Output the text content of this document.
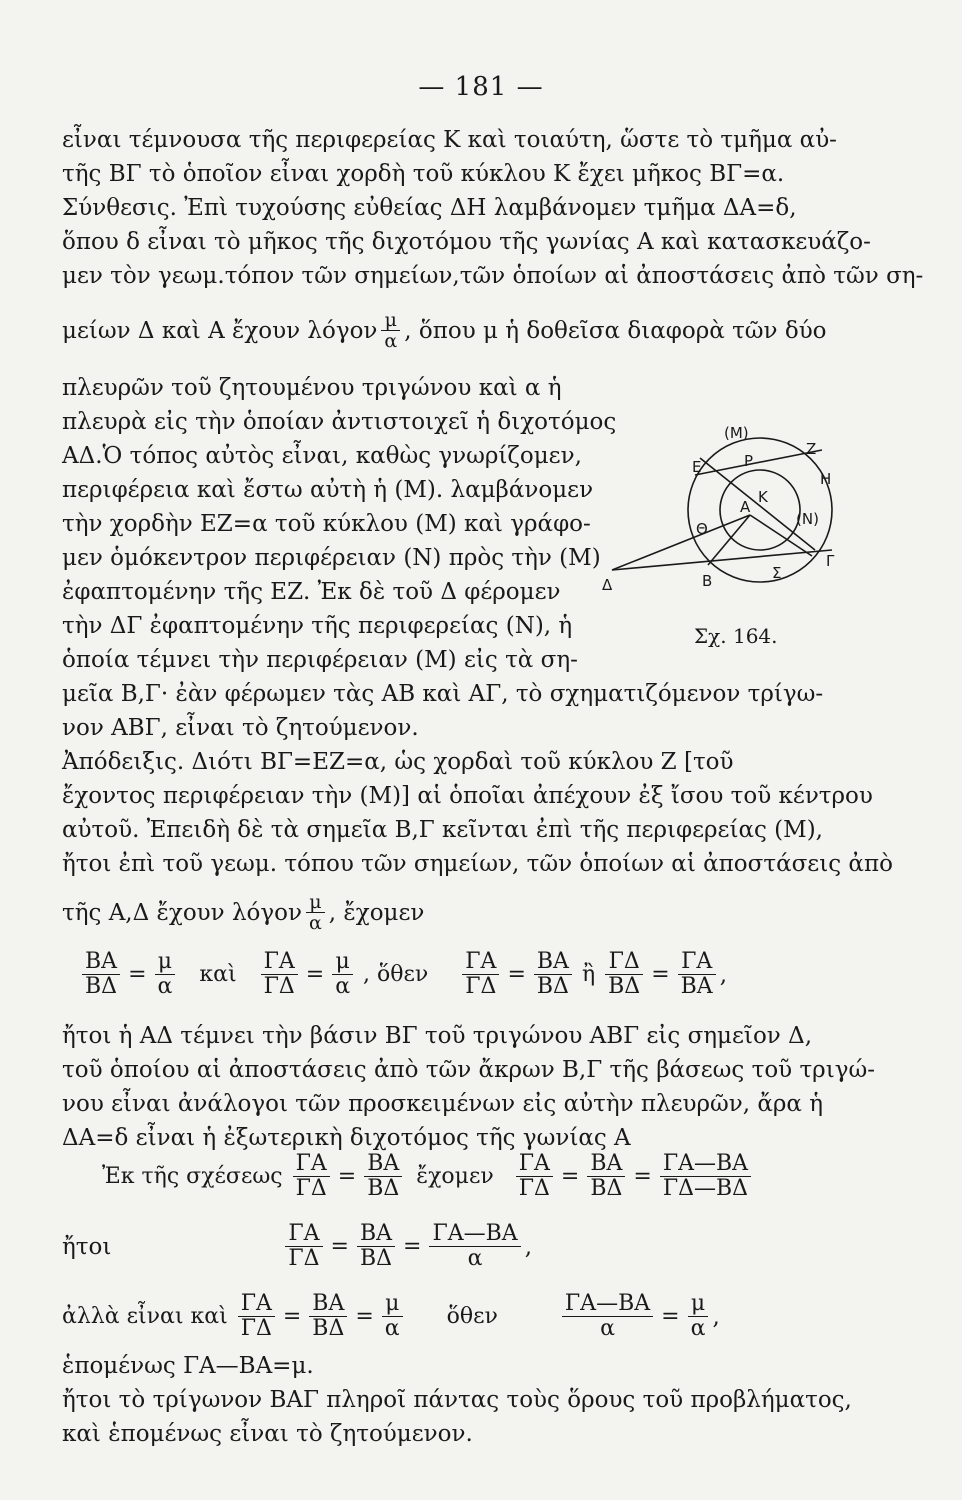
— 181 —
εἶναι τέμνουσα τῆς περιφερείας Κ καὶ τοιαύτη, ὥστε τὸ τμῆμα αὐ-
τῆς ΒΓ τὸ ὁποῖον εἶναι χορδὴ τοῦ κύκλου Κ ἔχει μῆκος ΒΓ=α.
Σύνθεσις. Ἐπὶ τυχούσης εὐθείας ΔΗ λαμβάνομεν τμῆμα ΔΑ=δ,
ὅπου δ εἶναι τὸ μῆκος τῆς διχοτόμου τῆς γωνίας Α καὶ κατασκευάζο-
μεν τὸν γεωμ.τόπον τῶν σημείων,τῶν ὁποίων αἱ ἀποστάσεις ἀπὸ τῶν ση-
μείων Δ καὶ Α ἔχουν λόγον $\frac{\mu}{\alpha}$ , ὅπου μ ἡ δοθεῖσα διαφορὰ τῶν δύο
πλευρῶν τοῦ ζητουμένου τριγώνου καὶ α ἡ
πλευρὰ εἰς τὴν ὁποίαν ἀντιστοιχεῖ ἡ διχοτόμος
ΑΔ.Ὁ τόπος αὐτὸς εἶναι, καθὼς γνωρίζομεν,
περιφέρεια καὶ ἔστω αὐτὴ ἡ (Μ). λαμβάνομεν
τὴν χορδὴν ΕΖ=α τοῦ κύκλου (Μ) καὶ γράφο-
μεν ὁμόκεντρον περιφέρειαν (Ν) πρὸς τὴν (Μ)
ἐφαπτομένην τῆς ΕΖ. Ἐκ δὲ τοῦ Δ φέρομεν
τὴν ΔΓ ἐφαπτομένην τῆς περιφερείας (Ν), ἡ
ὁποία τέμνει τὴν περιφέρειαν (Μ) εἰς τὰ ση-
μεῖα Β,Γ· ἐὰν φέρωμεν τὰς ΑΒ καὶ ΑΓ, τὸ σχηματιζόμενον τρίγω-
νον ΑΒΓ, εἶναι τὸ ζητούμενον.
Ἀπόδειξις. Διότι ΒΓ=ΕΖ=α, ὡς χορδαὶ τοῦ κύκλου Ζ [τοῦ
ἔχοντος περιφέρειαν τὴν (Μ)] αἱ ὁποῖαι ἀπέχουν ἐξ ἴσου τοῦ κέντρου
αὐτοῦ. Ἐπειδὴ δὲ τὰ σημεῖα Β,Γ κεῖνται ἐπὶ τῆς περιφερείας (Μ),
ἤτοι ἐπὶ τοῦ γεωμ. τόπου τῶν σημείων, τῶν ὁποίων αἱ ἀποστάσεις ἀπὸ
τῆς Α,Δ ἔχουν λόγον $\frac{\mu}{\alpha}$ , ἔχομεν
$\frac{BA}{B\Delta} = \frac{\mu}{\alpha}$ καὶ $\frac{\Gamma A}{\Gamma\Delta} = \frac{\mu}{\alpha}$ , ὅθεν $\frac{\Gamma A}{\Gamma\Delta} = \frac{BA}{B\Delta}$ ἢ $\frac{\Gamma\Delta}{B\Delta} = \frac{\Gamma A}{BA}$ ,
ἤτοι ἡ ΑΔ τέμνει τὴν βάσιν ΒΓ τοῦ τριγώνου ΑΒΓ εἰς σημεῖον Δ,
τοῦ ὁποίου αἱ ἀποστάσεις ἀπὸ τῶν ἄκρων Β,Γ τῆς βάσεως τοῦ τριγώ-
νου εἶναι ἀνάλογοι τῶν προσκειμένων εἰς αὐτὴν πλευρῶν, ἄρα ἡ
ΔΑ=δ εἶναι ἡ ἐξωτερικὴ διχοτόμος τῆς γωνίας Α
Ἐκ τῆς σχέσεως $\frac{\Gamma A}{\Gamma\Delta} = \frac{BA}{B\Delta}$ ἔχομεν $\frac{\Gamma A}{\Gamma\Delta} = \frac{BA}{B\Delta} = \frac{\Gamma A—BA}{\Gamma\Delta—B\Delta}$
ἤτοι	$\frac{\Gamma A}{\Gamma\Delta} = \frac{BA}{B\Delta} = \frac{\Gamma A—BA}{\alpha}$ ,
ἀλλὰ εἶναι καὶ $\frac{\Gamma A}{\Gamma\Delta} = \frac{BA}{B\Delta} = \frac{\mu}{\alpha}$ ὅθεν	$\frac{\Gamma A—BA}{\alpha} = \frac{\mu}{\alpha}$ ,
ἑπομένως ΓΑ—ΒΑ=μ.
ἤτοι τὸ τρίγωνον ΒΑΓ πληροῖ πάντας τοὺς ὅρους τοῦ προβλήματος,
καὶ ἑπομένως εἶναι τὸ ζητούμενον.
(Μ)
Ζ
Ε
Η
Ρ
Α
Κ
(Ν)
Θ
Δ	Β	Σ
Γ
Σχ. 164.
